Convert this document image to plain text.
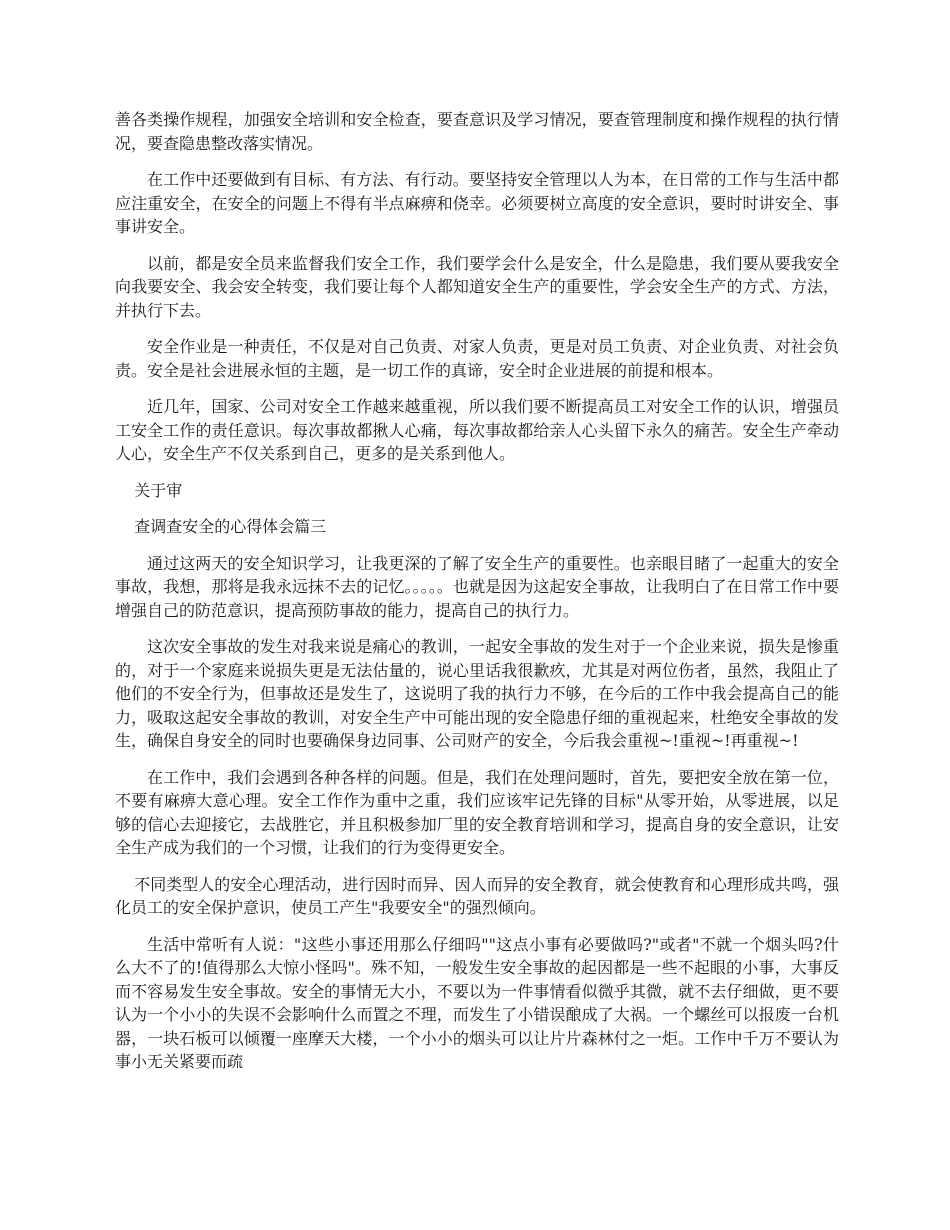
善各类操作规程，加强安全培训和安全检查，要查意识及学习情况，要查管理制度和操作规程的执行情况，要查隐患整改落实情况。

在工作中还要做到有目标、有方法、有行动。要坚持安全管理以人为本，在日常的工作与生活中都应注重安全，在安全的问题上不得有半点麻痹和侥幸。必须要树立高度的安全意识，要时时讲安全、事事讲安全。

以前，都是安全员来监督我们安全工作，我们要学会什么是安全，什么是隐患，我们要从要我安全向我要安全、我会安全转变，我们要让每个人都知道安全生产的重要性，学会安全生产的方式、方法，并执行下去。

安全作业是一种责任，不仅是对自己负责、对家人负责，更是对员工负责、对企业负责、对社会负责。安全是社会进展永恒的主题，是一切工作的真谛，安全时企业进展的前提和根本。

近几年，国家、公司对安全工作越来越重视，所以我们要不断提高员工对安全工作的认识，增强员工安全工作的责任意识。每次事故都揪人心痛，每次事故都给亲人心头留下永久的痛苦。安全生产牵动人心，安全生产不仅关系到自己，更多的是关系到他人。

关于审

查调查安全的心得体会篇三

通过这两天的安全知识学习，让我更深的了解了安全生产的重要性。也亲眼目睹了一起重大的安全事故，我想，那将是我永远抹不去的记忆。。。。。也就是因为这起安全事故，让我明白了在日常工作中要增强自己的防范意识，提高预防事故的能力，提高自己的执行力。

这次安全事故的发生对我来说是痛心的教训，一起安全事故的发生对于一个企业来说，损失是惨重的，对于一个家庭来说损失更是无法估量的，说心里话我很歉疚，尤其是对两位伤者，虽然，我阻止了他们的不安全行为，但事故还是发生了，这说明了我的执行力不够，在今后的工作中我会提高自己的能力，吸取这起安全事故的教训，对安全生产中可能出现的安全隐患仔细的重视起来，杜绝安全事故的发生，确保自身安全的同时也要确保身边同事、公司财产的安全，今后我会重视~!重视~!再重视~!

在工作中，我们会遇到各种各样的问题。但是，我们在处理问题时，首先，要把安全放在第一位，不要有麻痹大意心理。安全工作作为重中之重，我们应该牢记先锋的目标"从零开始，从零进展，以足够的信心去迎接它，去战胜它，并且积极参加厂里的安全教育培训和学习，提高自身的安全意识，让安全生产成为我们的一个习惯，让我们的行为变得更安全。

不同类型人的安全心理活动，进行因时而异、因人而异的安全教育，就会使教育和心理形成共鸣，强化员工的安全保护意识，使员工产生"我要安全"的强烈倾向。

生活中常听有人说："这些小事还用那么仔细吗""这点小事有必要做吗?"或者"不就一个烟头吗?什么大不了的!值得那么大惊小怪吗"。殊不知，一般发生安全事故的起因都是一些不起眼的小事，大事反而不容易发生安全事故。安全的事情无大小，不要以为一件事情看似微乎其微，就不去仔细做，更不要认为一个小小的失误不会影响什么而置之不理，而发生了小错误酿成了大祸。一个螺丝可以报废一台机器，一块石板可以倾覆一座摩天大楼，一个小小的烟头可以让片片森林付之一炬。工作中千万不要认为事小无关紧要而疏
